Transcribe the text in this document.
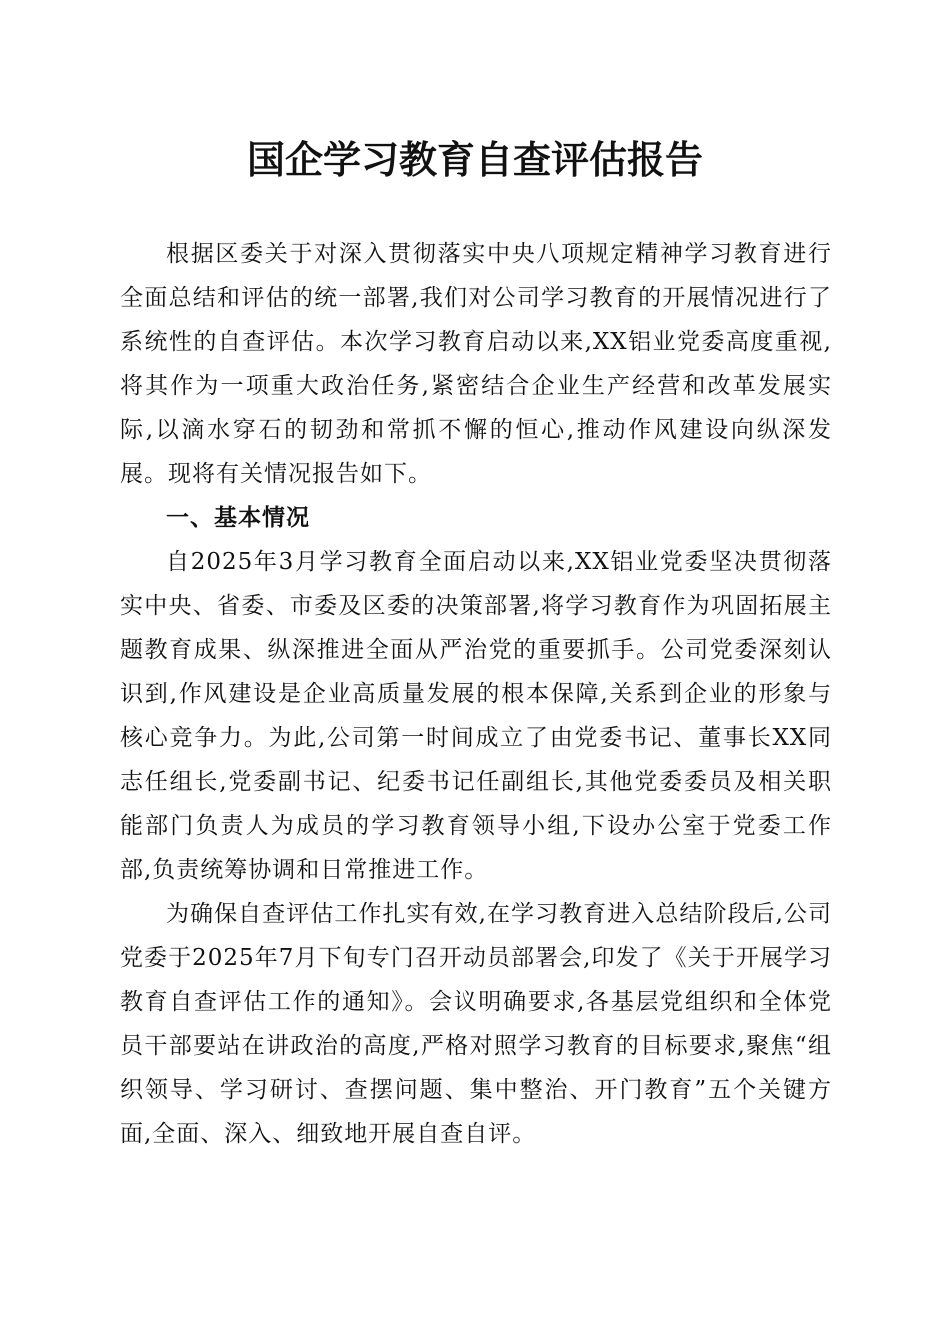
国企学习教育自查评估报告

根据区委关于对深入贯彻落实中央八项规定精神学习教育进行全面总结和评估的统一部署,我们对公司学习教育的开展情况进行了系统性的自查评估。本次学习教育启动以来,XX铝业党委高度重视,将其作为一项重大政治任务,紧密结合企业生产经营和改革发展实际,以滴水穿石的韧劲和常抓不懈的恒心,推动作风建设向纵深发展。现将有关情况报告如下。

一、基本情况

自2025年3月学习教育全面启动以来,XX铝业党委坚决贯彻落实中央、省委、市委及区委的决策部署,将学习教育作为巩固拓展主题教育成果、纵深推进全面从严治党的重要抓手。公司党委深刻认识到,作风建设是企业高质量发展的根本保障,关系到企业的形象与核心竞争力。为此,公司第一时间成立了由党委书记、董事长XX同志任组长,党委副书记、纪委书记任副组长,其他党委委员及相关职能部门负责人为成员的学习教育领导小组,下设办公室于党委工作部,负责统筹协调和日常推进工作。

为确保自查评估工作扎实有效,在学习教育进入总结阶段后,公司党委于2025年7月下旬专门召开动员部署会,印发了《关于开展学习教育自查评估工作的通知》。会议明确要求,各基层党组织和全体党员干部要站在讲政治的高度,严格对照学习教育的目标要求,聚焦“组织领导、学习研讨、查摆问题、集中整治、开门教育”五个关键方面,全面、深入、细致地开展自查自评。
